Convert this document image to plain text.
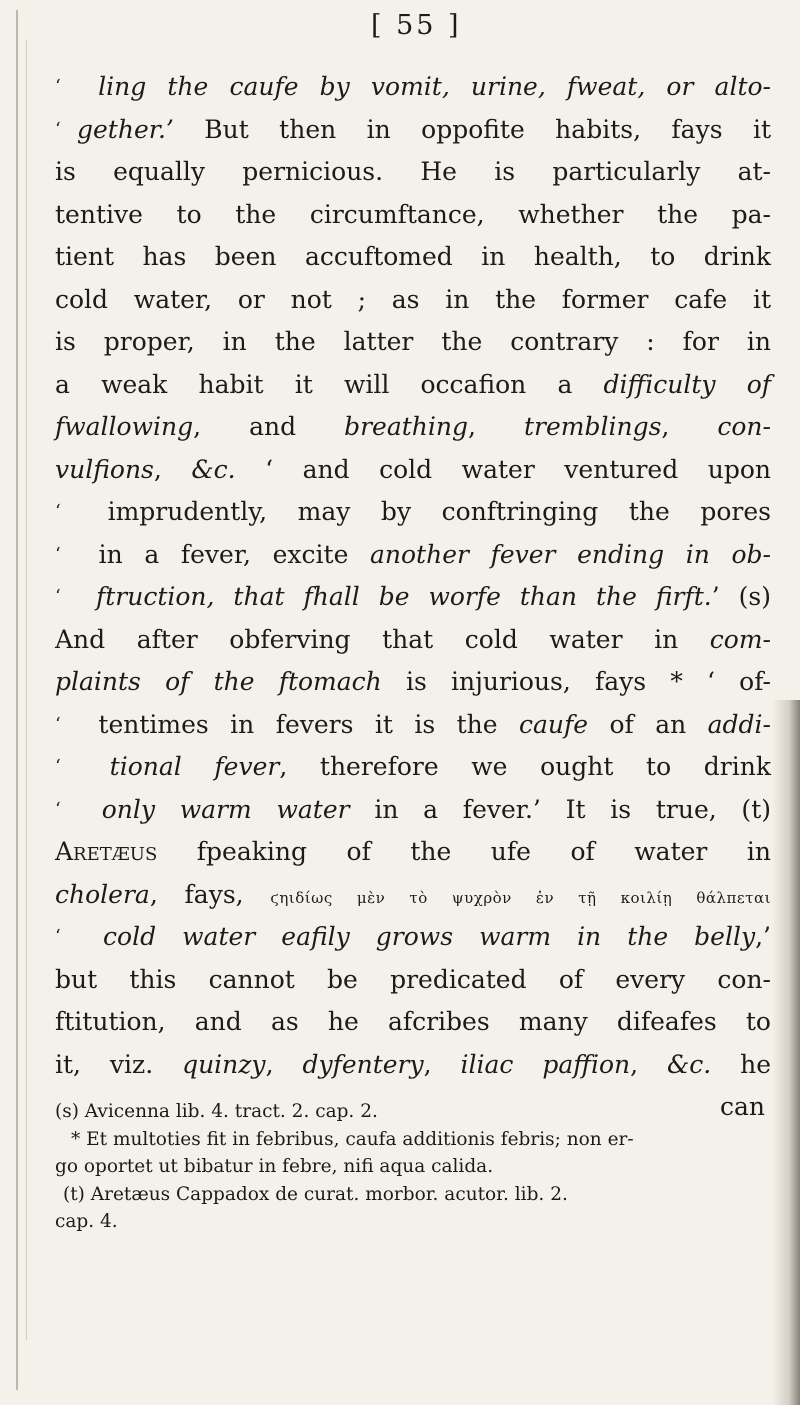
[ 55 ]
‘ ling the caufe by vomit, urine, fweat, or alto-
‘ gether.’ But then in oppofite habits, fays it
is equally pernicious. He is particularly at-
tentive to the circumftance, whether the pa-
tient has been accuftomed in health, to drink
cold water, or not ; as in the former cafe it
is proper, in the latter the contrary : for in
a weak habit it will occafion a difficulty of
fwallowing, and breathing, tremblings, con-
vulfions, &c. ‘ and cold water ventured upon
‘ imprudently, may by conftringing the pores
‘ in a fever, excite another fever ending in ob-
‘ ftruction, that fhall be worfe than the firft.’ (s)
And after obferving that cold water in com-
plaints of the ftomach is injurious, fays * ‘ of-
‘ tentimes in fevers it is the caufe of an addi-
‘ tional fever, therefore we ought to drink
‘ only warm water in a fever.’ It is true, (t)
Aretæus fpeaking of the ufe of water in
cholera, fays, ϛηιδίως μὲν τὸ ψυχρὸν ἐν τῇ κοιλίῃ θάλπεται
‘ cold water eafily grows warm in the belly,’
but this cannot be predicated of every con-
ftitution, and as he afcribes many difeafes to
it, viz. quinzy, dyfentery, iliac paffion, &c. he
can
(s) Avicenna lib. 4. tract. 2. cap. 2.
* Et multoties fit in febribus, caufa additionis febris; non er-
go oportet ut bibatur in febre, nifi aqua calida.
(t) Aretæus Cappadox de curat. morbor. acutor. lib. 2.
cap. 4.
